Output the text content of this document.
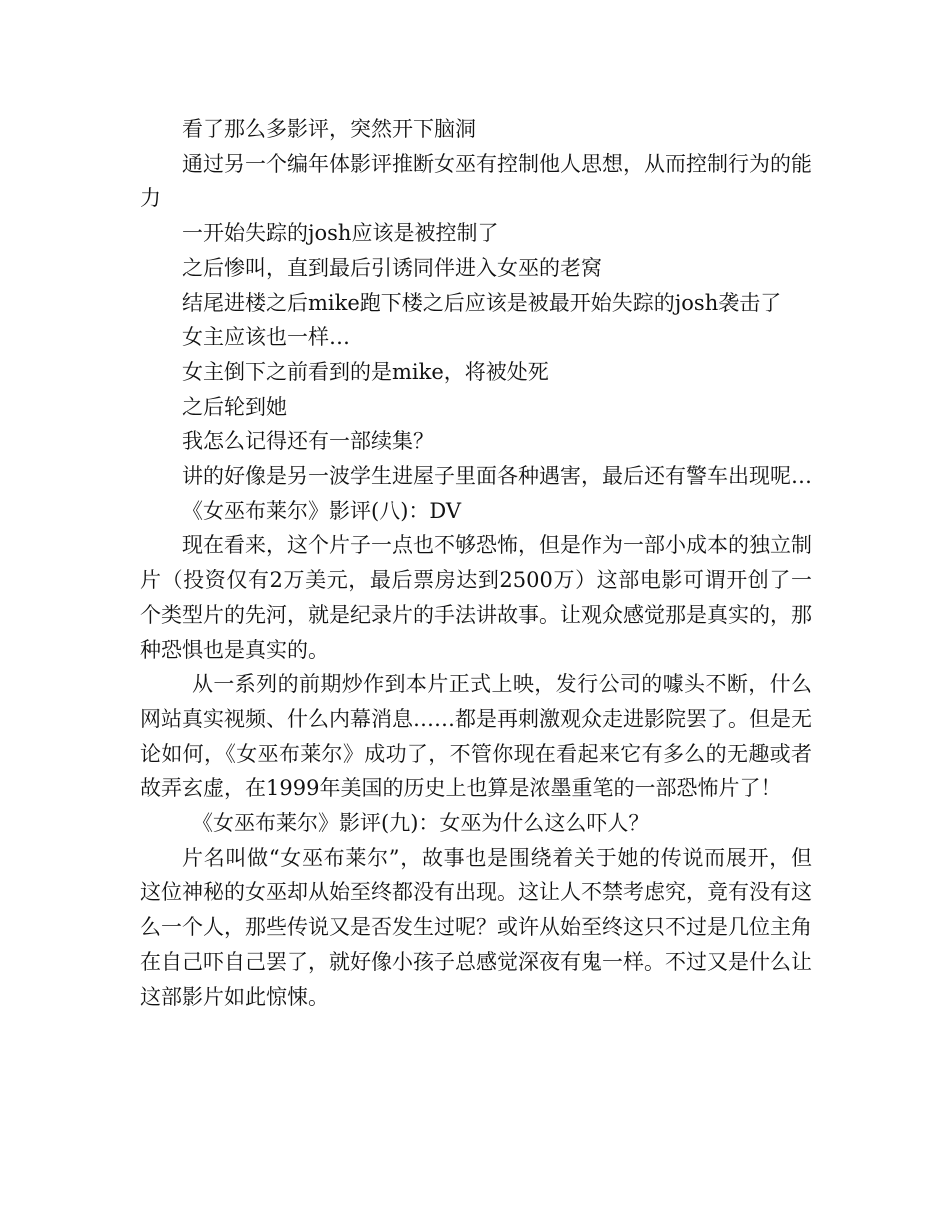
看了那么多影评，突然开下脑洞

通过另一个编年体影评推断女巫有控制他人思想，从而控制行为的能力

一开始失踪的josh应该是被控制了

之后惨叫，直到最后引诱同伴进入女巫的老窝

结尾进楼之后mike跑下楼之后应该是被最开始失踪的josh袭击了

女主应该也一样…

女主倒下之前看到的是mike，将被处死

之后轮到她

我怎么记得还有一部续集？

讲的好像是另一波学生进屋子里面各种遇害，最后还有警车出现呢…

《女巫布莱尔》影评(八)：DV

现在看来，这个片子一点也不够恐怖，但是作为一部小成本的独立制片（投资仅有2万美元，最后票房达到2500万）这部电影可谓开创了一个类型片的先河，就是纪录片的手法讲故事。让观众感觉那是真实的，那种恐惧也是真实的。

从一系列的前期炒作到本片正式上映，发行公司的噱头不断，什么网站真实视频、什么内幕消息……都是再刺激观众走进影院罢了。但是无论如何，《女巫布莱尔》成功了，不管你现在看起来它有多么的无趣或者故弄玄虚，在1999年美国的历史上也算是浓墨重笔的一部恐怖片了！

《女巫布莱尔》影评(九)：女巫为什么这么吓人？

片名叫做“女巫布莱尔”，故事也是围绕着关于她的传说而展开，但这位神秘的女巫却从始至终都没有出现。这让人不禁考虑究，竟有没有这么一个人，那些传说又是否发生过呢？或许从始至终这只不过是几位主角在自己吓自己罢了，就好像小孩子总感觉深夜有鬼一样。不过又是什么让这部影片如此惊悚。
